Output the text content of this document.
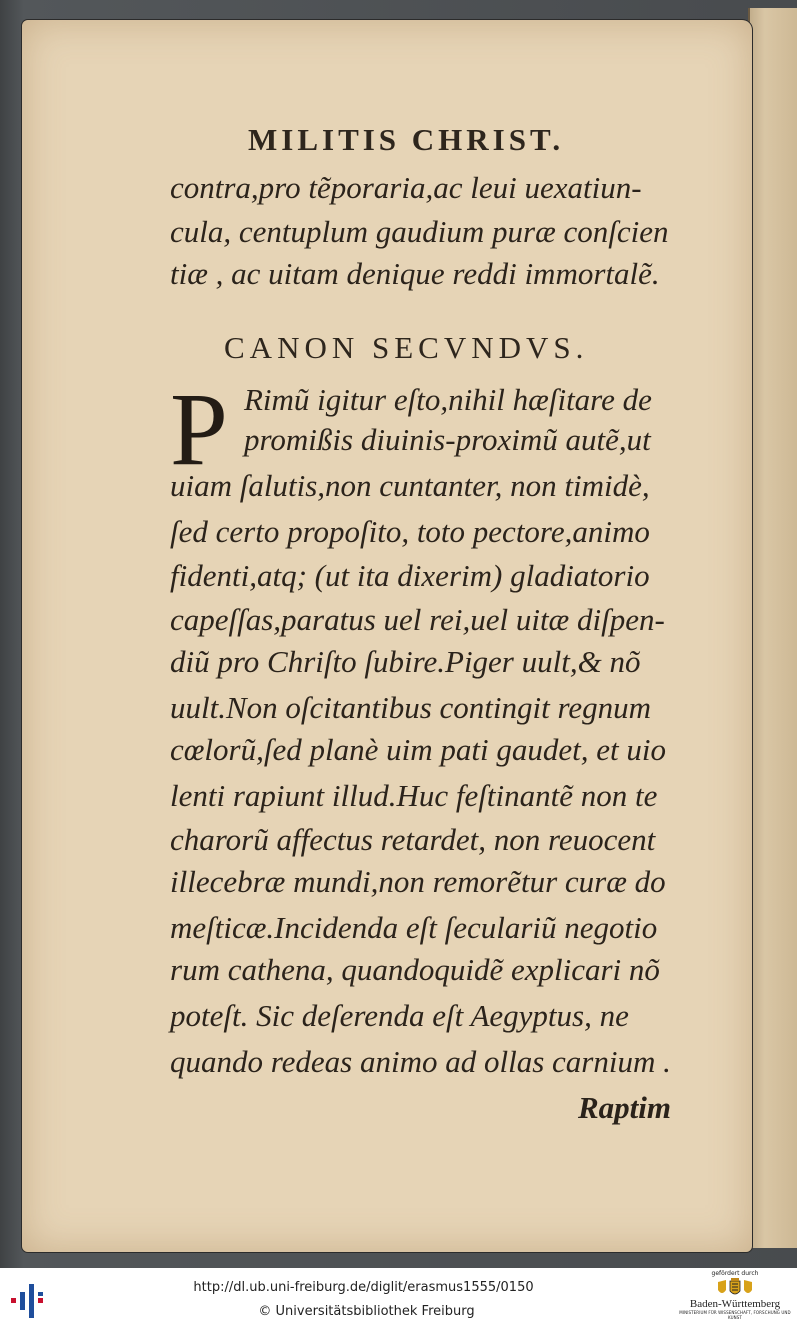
MILITIS CHRIST.

contra,pro tẽporaria,ac leui uexatiun-

cula, centuplum gaudium puræ conſcien

tiæ , ac uitam denique reddi immortalẽ.

CANON SECVNDVS.

P Rimũ igitur eſto,nihil hæſitare de

promißis diuinis-proximũ autẽ,ut

uiam ſalutis,non cuntanter, non timidè,

ſed certo propoſito, toto pectore,animo

fidenti,atq; (ut ita dixerim) gladiatorio

capeſſas,paratus uel rei,uel uitæ diſpen-

diũ pro Chriſto ſubire.Piger uult,& nõ

uult.Non oſcitantibus contingit regnum

cœlorũ,ſed planè uim pati gaudet, et uio

lenti rapiunt illud.Huc feſtinantẽ non te

charorũ affectus retardet, non reuocent

illecebræ mundi,non remorẽtur curæ do

meſticæ.Incidenda eſt ſeculariũ negotio

rum cathena, quandoquidẽ explicari nõ

poteſt. Sic deſerenda eſt Aegyptus, ne

quando redeas animo ad ollas carnium .

Raptim

http://dl.ub.uni-freiburg.de/diglit/erasmus1555/0150
© Universitätsbibliothek Freiburg
gefördert durch
Baden-Württemberg
MINISTERIUM FÜR WISSENSCHAFT, FORSCHUNG UND KUNST
